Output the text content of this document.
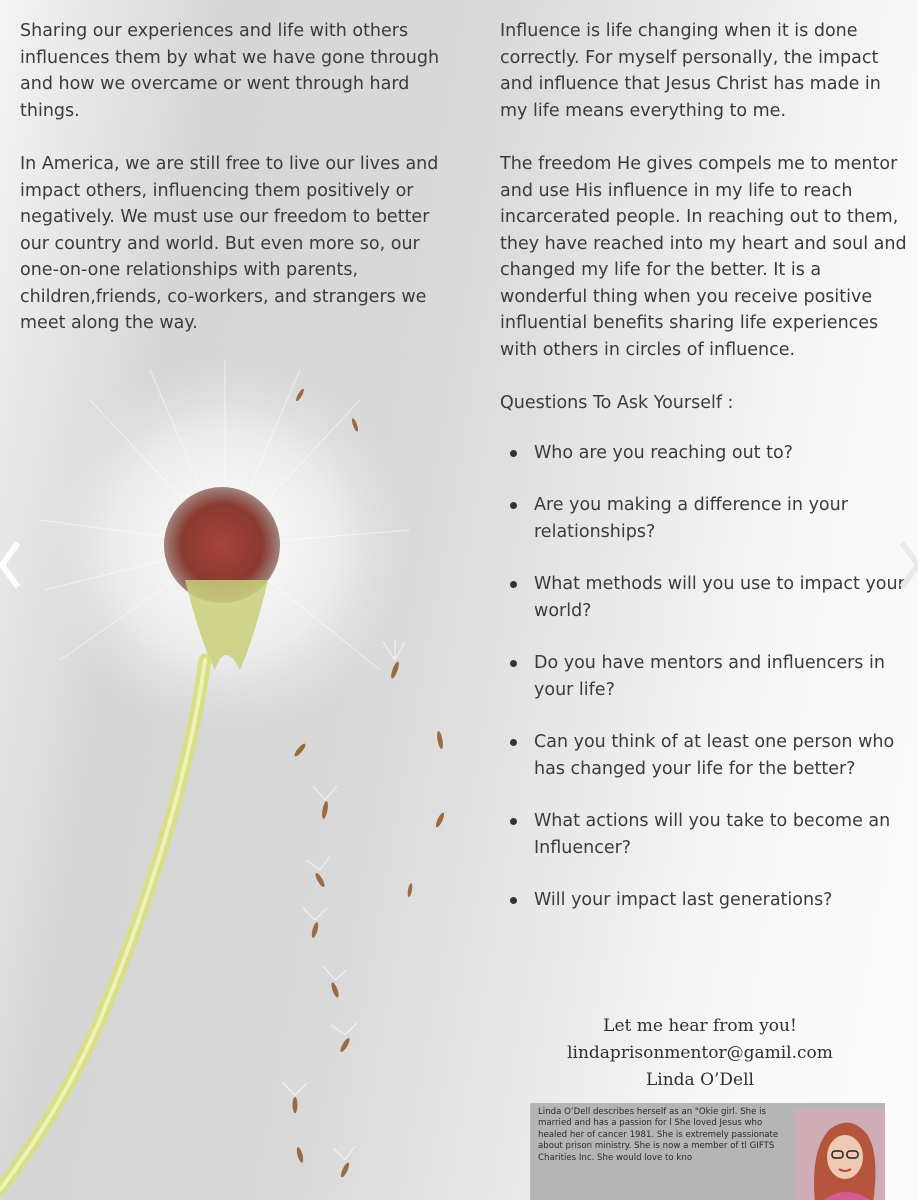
Sharing our experiences and life with others influences them by what we have gone through and how we overcame or went through hard things.

In America, we are still free to live our lives and impact others, influencing them positively or negatively. We must use our freedom to better our country and world. But even more so, our one-on-one relationships with parents, children,friends, co-workers, and strangers we meet along the way.

Influence is life changing when it is done correctly. For myself personally, the impact and influence that Jesus Christ has made in my life means everything to me.

The freedom He gives compels me to mentor and use His influence in my life to reach incarcerated people. In reaching out to them, they have reached into my heart and soul and changed my life for the better. It is a wonderful thing when you receive positive influential benefits sharing life experiences with others in circles of influence.

Questions To Ask Yourself :
Who are you reaching out to?
Are you making a difference in your relationships?
What methods will you use to impact your world?
Do you have mentors and influencers in your life?
Can you think of at least one person who has changed your life for the better?
What actions will you take to become an Influencer?
Will your impact last generations?
Let me hear from you!
lindaprisonmentor@gamil.com
Linda O’Dell
Linda O’Dell describes herself as an "Okie girl. She is married and has a passion for l She loved Jesus who healed her of cancer 1981. She is extremely passionate about prison ministry. She is now a member of tl GIFTS Charities Inc. She would love to kno
